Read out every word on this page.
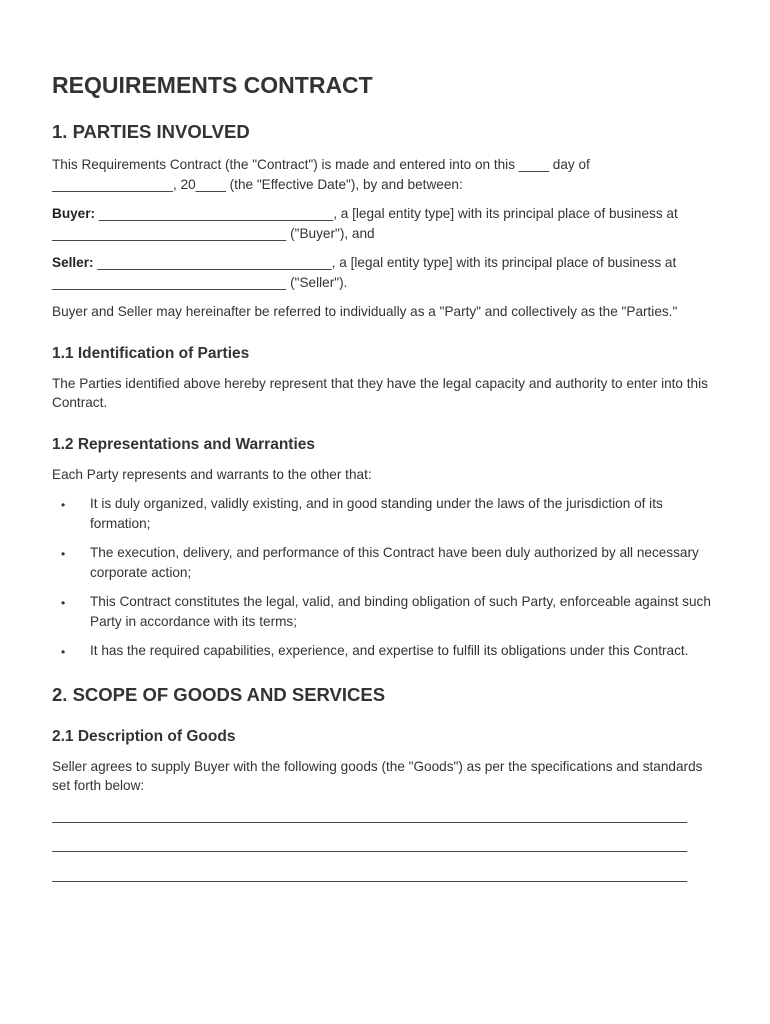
REQUIREMENTS CONTRACT
1. PARTIES INVOLVED

This Requirements Contract (the "Contract") is made and entered into on this ____ day of ________________, 20____ (the "Effective Date"), by and between:

Buyer: _______________________________, a [legal entity type] with its principal place of business at _______________________________ ("Buyer"), and

Seller: _______________________________, a [legal entity type] with its principal place of business at _______________________________ ("Seller").

Buyer and Seller may hereinafter be referred to individually as a "Party" and collectively as the "Parties."

1.1 Identification of Parties

The Parties identified above hereby represent that they have the legal capacity and authority to enter into this Contract.

1.2 Representations and Warranties

Each Party represents and warrants to the other that:

• It is duly organized, validly existing, and in good standing under the laws of the jurisdiction of its formation;
• The execution, delivery, and performance of this Contract have been duly authorized by all necessary corporate action;
• This Contract constitutes the legal, valid, and binding obligation of such Party, enforceable against such Party in accordance with its terms;
• It has the required capabilities, experience, and expertise to fulfill its obligations under this Contract.
2. SCOPE OF GOODS AND SERVICES
2.1 Description of Goods

Seller agrees to supply Buyer with the following goods (the "Goods") as per the specifications and standards set forth below:

____________________________________________________________________________________
____________________________________________________________________________________
____________________________________________________________________________________
